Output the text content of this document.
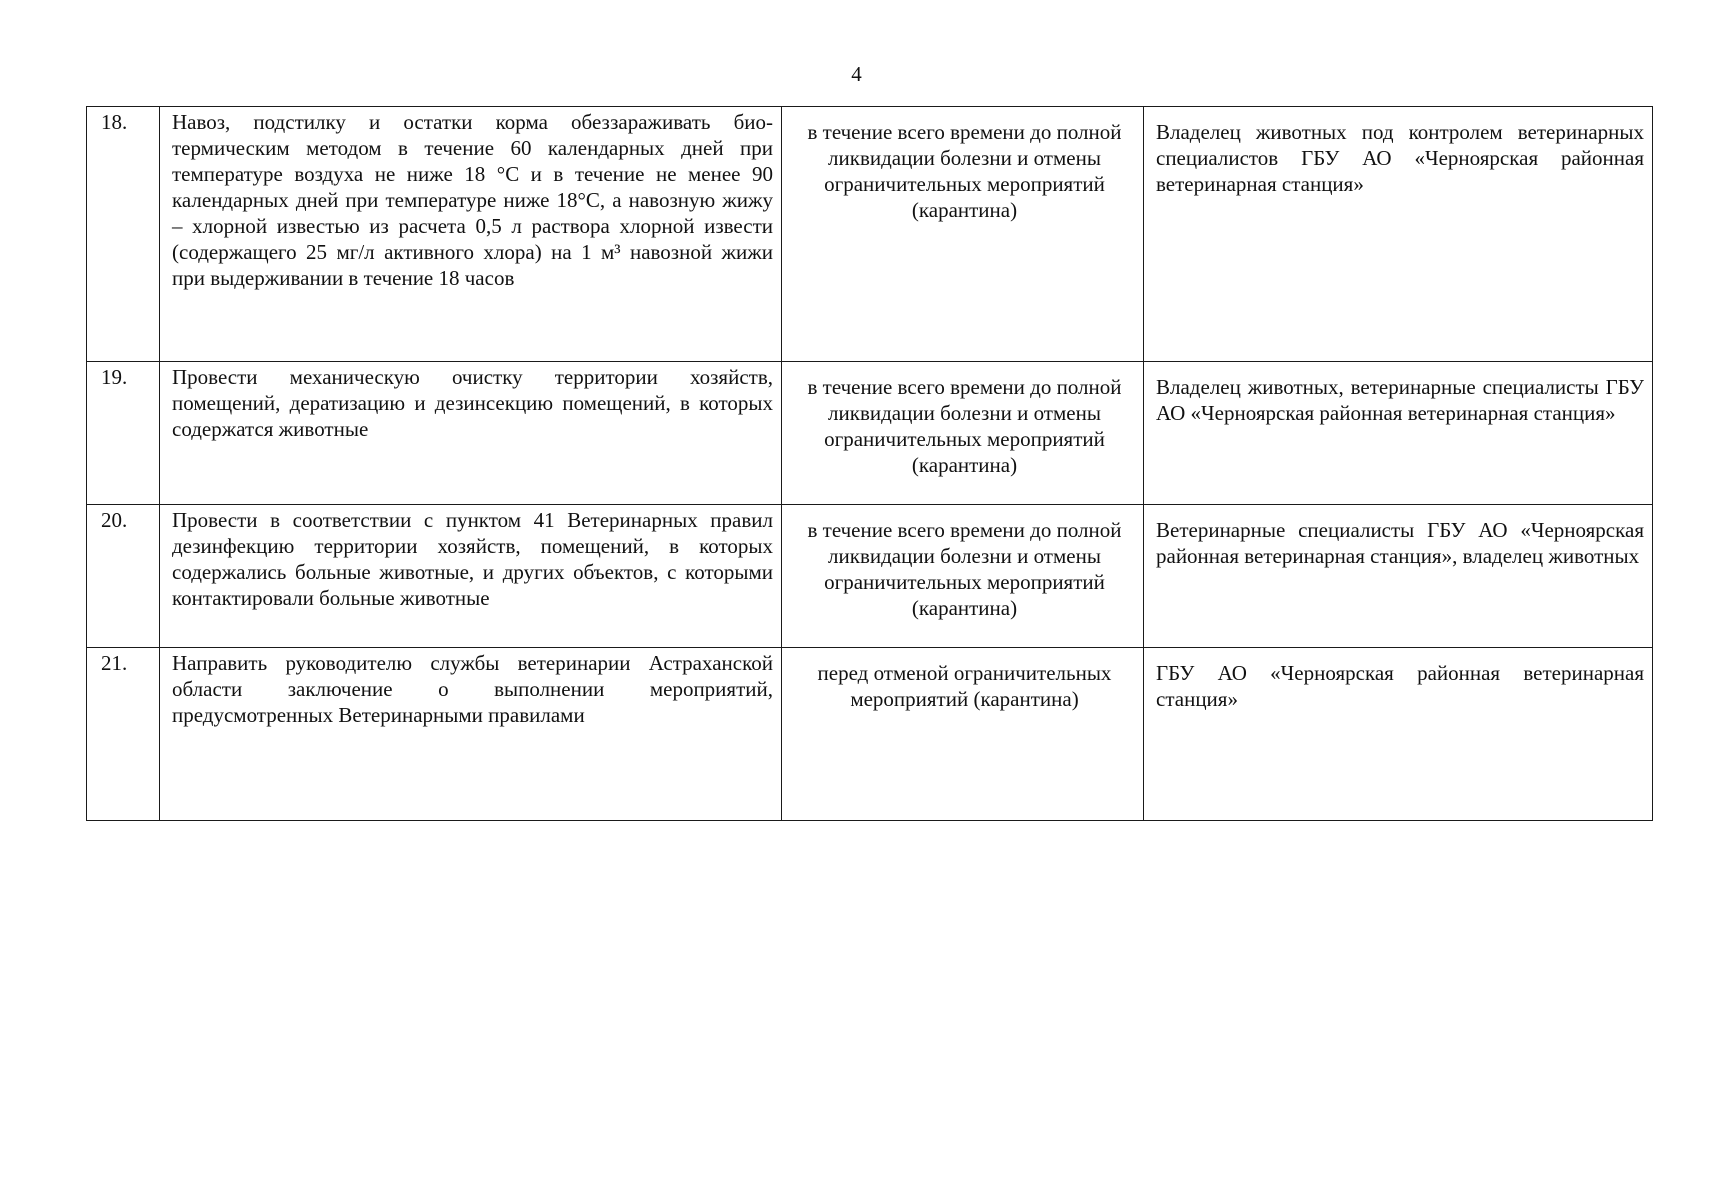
4
18.	Навоз, подстилку и остатки корма обеззараживать биотермическим методом в течение 60 календарных дней при температуре воздуха не ниже 18 °С и в течение не менее 90 календарных дней при температуре ниже 18°С, а навозную жижу – хлорной известью из расчета 0,5 л раствора хлорной извести (содержащего 25 мг/л активного хлора) на 1 м³ навозной жижи при выдерживании в течение 18 часов	в течение всего времени до полной ликвидации болезни и отмены ограничительных мероприятий (карантина)	Владелец животных под контролем ветеринарных специалистов ГБУ АО «Черноярская районная ветеринарная станция»
19.	Провести механическую очистку территории хозяйств, помещений, дератизацию и дезинсекцию помещений, в которых содержатся животные	в течение всего времени до полной ликвидации болезни и отмены ограничительных мероприятий (карантина)	Владелец животных, ветеринарные специалисты ГБУ АО «Черноярская районная ветеринарная станция»
20.	Провести в соответствии с пунктом 41 Ветеринарных правил дезинфекцию территории хозяйств, помещений, в которых содержались больные животные, и других объектов, с которыми контактировали больные животные	в течение всего времени до полной ликвидации болезни и отмены ограничительных мероприятий (карантина)	Ветеринарные специалисты ГБУ АО «Черноярская районная ветеринарная станция», владелец животных
21.	Направить руководителю службы ветеринарии Астраханской области заключение о выполнении мероприятий, предусмотренных Ветеринарными правилами	перед отменой ограничительных мероприятий (карантина)	ГБУ АО «Черноярская районная ветеринарная станция»
